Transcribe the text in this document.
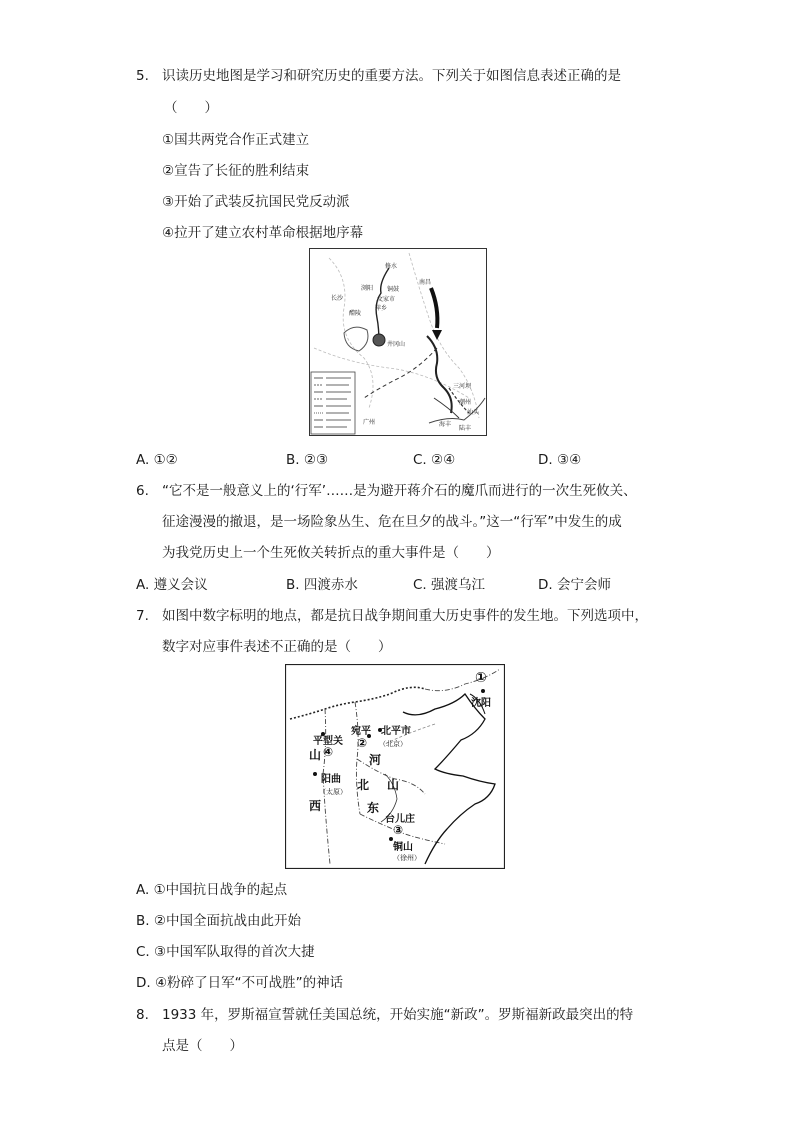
5. 识读历史地图是学习和研究历史的重要方法。下列关于如图信息表述正确的是
（　　）
①国共两党合作正式建立
②宣告了长征的胜利结束
③开始了武装反抗国民党反动派
④拉开了建立农村革命根据地序幕
修水
铜鼓
浏阳
文家市
长沙
萍乡
醴陵
南昌
井冈山
三河坝
潮州
汕头
广州	海丰
陆丰
A. ①②	B. ②③	C. ②④	D. ③④
6. “它不是一般意义上的‘行军’……是为避开蒋介石的魔爪而进行的一次生死攸关、
征途漫漫的撤退，是一场险象丛生、危在旦夕的战斗。”这一“行军”中发生的成
为我党历史上一个生死攸关转折点的重大事件是（　　）
A. 遵义会议	B. 四渡赤水	C. 强渡乌江	D. 会宁会师
7. 如图中数字标明的地点，都是抗日战争期间重大历史事件的发生地。下列选项中，
数字对应事件表述不正确的是（　　）
①
沈阳
平型关
宛平
②
北平市
（北京）
④
山	河
阳曲
（太原） 北 山
西	东
台儿庄
③
铜山
（徐州）
A. ①中国抗日战争的起点
B. ②中国全面抗战由此开始
C. ③中国军队取得的首次大捷
D. ④粉碎了日军“不可战胜”的神话
8. 1933 年，罗斯福宣誓就任美国总统，开始实施“新政”。罗斯福新政最突出的特
点是（　　）
